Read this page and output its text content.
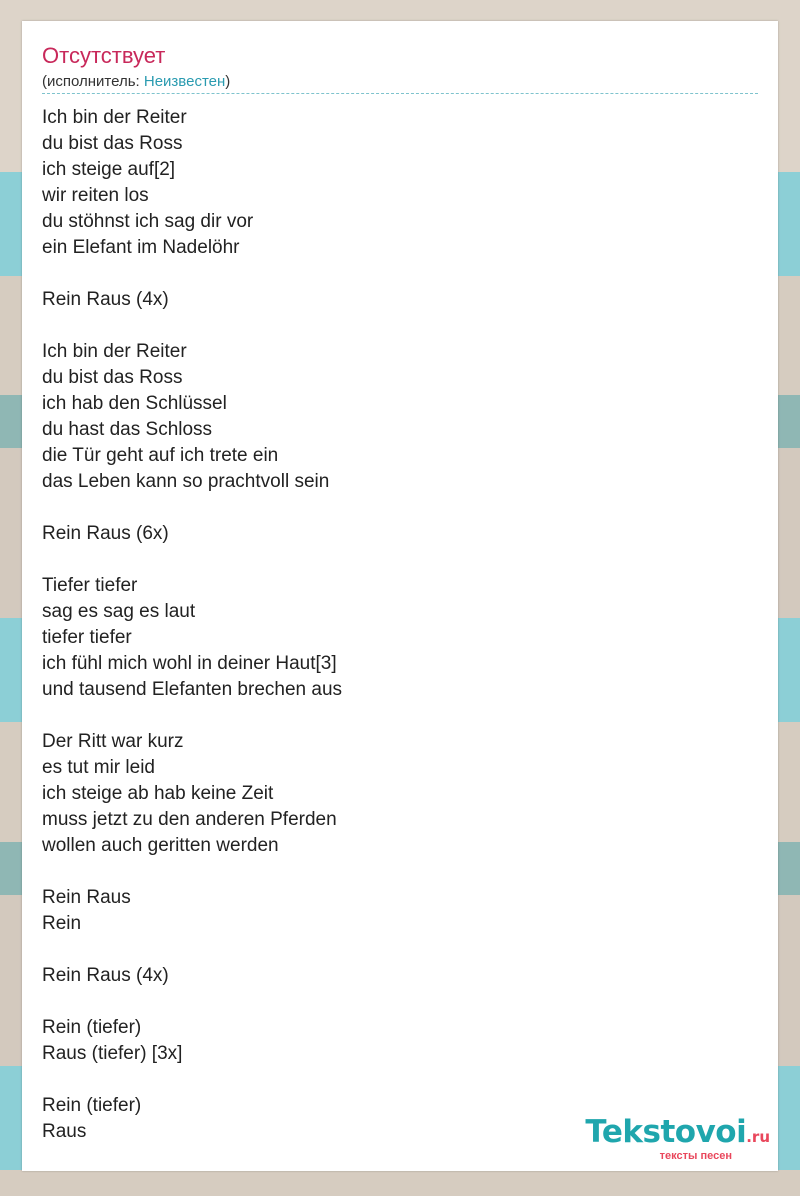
Отсутствует
(исполнитель: Неизвестен)
Ich bin der Reiter
du bist das Ross
ich steige auf[2]
wir reiten los
du stöhnst ich sag dir vor
ein Elefant im Nadelöhr
Rein Raus (4x)
Ich bin der Reiter
du bist das Ross
ich hab den Schlüssel
du hast das Schloss
die Tür geht auf ich trete ein
das Leben kann so prachtvoll sein
Rein Raus (6x)
Tiefer tiefer
sag es sag es laut
tiefer tiefer
ich fühl mich wohl in deiner Haut[3]
und tausend Elefanten brechen aus
Der Ritt war kurz
es tut mir leid
ich steige ab hab keine Zeit
muss jetzt zu den anderen Pferden
wollen auch geritten werden
Rein Raus
Rein
Rein Raus (4x)
Rein (tiefer)
Raus (tiefer) [3x]
Rein (tiefer)
Raus	Tekstovoi.ru
тексты песен
